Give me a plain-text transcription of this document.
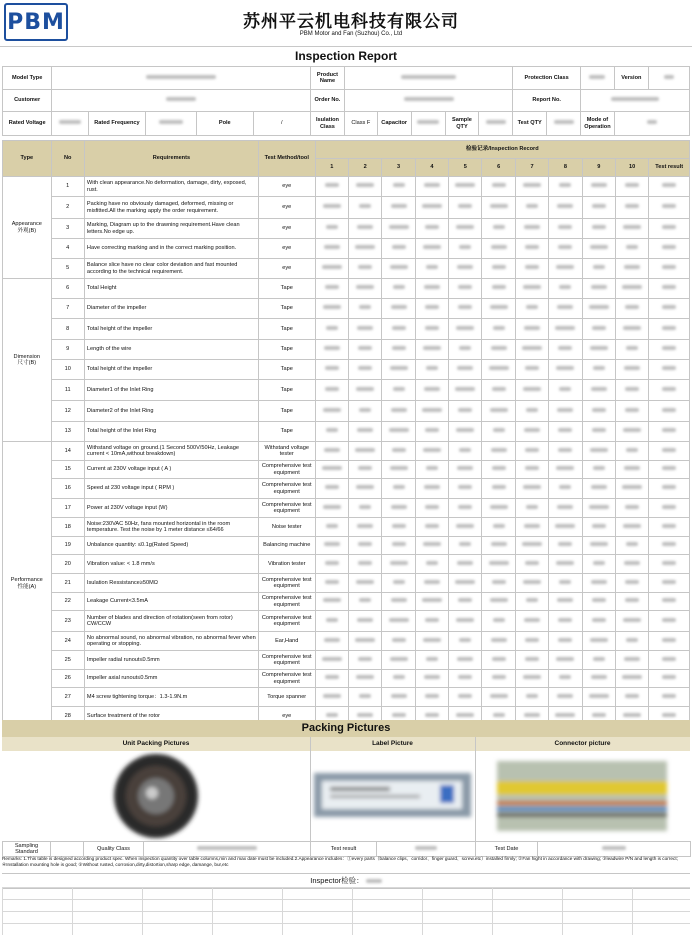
PBM	苏州平云机电科技有限公司
PBM Motor and Fan (Suzhou) Co., Ltd
Inspection Report
Model Type						Product Name						Protection Class			Version	
Customer						Order No.						Report No.				
Rated Voltage		Rated Frequency		Pole	/	Isulation Class	Class F	Capacitor		Sample QTY		Test QTY		Mode of Operation		
Type	No	Requirements	Test Method/tool	检验记录/Inspection Record										
				1	2	3	4	5	6	7	8	9	10	Test result
Appearance
外观(B)	1	With clean appearance.No deformation, damage, dirty, exposed, rust.	eye											
	2	Packing have no obviously damaged, deformed, missing or misfitted.All the marking apply the order requirement.	eye											
	3	Marking, Diagram up to the drawning requirement.Have clean letters.No edge up.	eye											
	4	Have correcting marking and in the correct marking position.	eye											
	5	Balance slice have no clear color deviation and fast mounted according to the technical requirement.	eye											
Dimension
尺寸(B)	6	Total Height	Tape											
	7	Diameter of the impeller	Tape											
	8	Total height of the impeller	Tape											
	9	Length of the wire	Tape											
	10	Total height of the impeller	Tape											
	11	Diameter1 of the Inlet Ring	Tape											
	12	Diameter2 of the Inlet Ring	Tape											
	13	Total height of the Inlet Ring	Tape											
Performance
性能(A)	14	Withstand voltage on ground.(1 Second 500V/50Hz, Leakage current < 10mA,without breakdown)	Withstand voltage tester											
	15	Current at 230V voltage input ( A )	Comprehensive test equipment											
	16	Speed at 230 voltage input ( RPM )	Comprehensive test equipment											
	17	Power at 230V voltage input (W)	Comprehensive test equipment											
	18	Noise:230VAC 50Hz, fans mounted horizontal in the room temperature. Test the noise by 1 meter distance ≤64/66	Noise tester											
	19	Unbalance quantity: ≤0.1g(Rated Speed)	Balancing machine											
	20	Vibration value: < 1.8 mm/s	Vibration tester											
	21	Isulation Ressistance≥50MΩ	Comprehensive test equipment											
	22	Leakage Current<3.5mA	Comprehensive test equipment											
	23	Number of blades and direction of rotation(seen from rotor) CW/CCW	Comprehensive test equipment											
	24	No abnormal sound, no abnormal vibration, no abnormal fever when operating or stopping.	Ear,Hand											
	25	Impeller radial runout≤0.5mm	Comprehensive test equipment											
	26	Impeller axial runout≤0.5mm	Comprehensive test equipment											
	27	M4 screw tightening torque：1.3-1.9N.m	Torque spanner											
	28	Surface treatment of the rotor	eye											
Packing Pictures
Unit Packing Pictures	Label Picture	Connector picture
Sampling Standard		Quality Class		Test result		Test Date	
Remarks: 1.This table is designed according product spec. When inspection quantity over table columns,min and max date must be included.2.Appearance includes：①every parts（balance clips、corridor、finger guard、screw.etc）installed firmly; ②Fan hight in accordance with drawing; ③leadwire P/N and length is correct; ④Installation mounting hole is good; ⑤Without rusted, corrosion,dirty,distortion,sharp edge, damange, bur,etc
Inspector检验：
